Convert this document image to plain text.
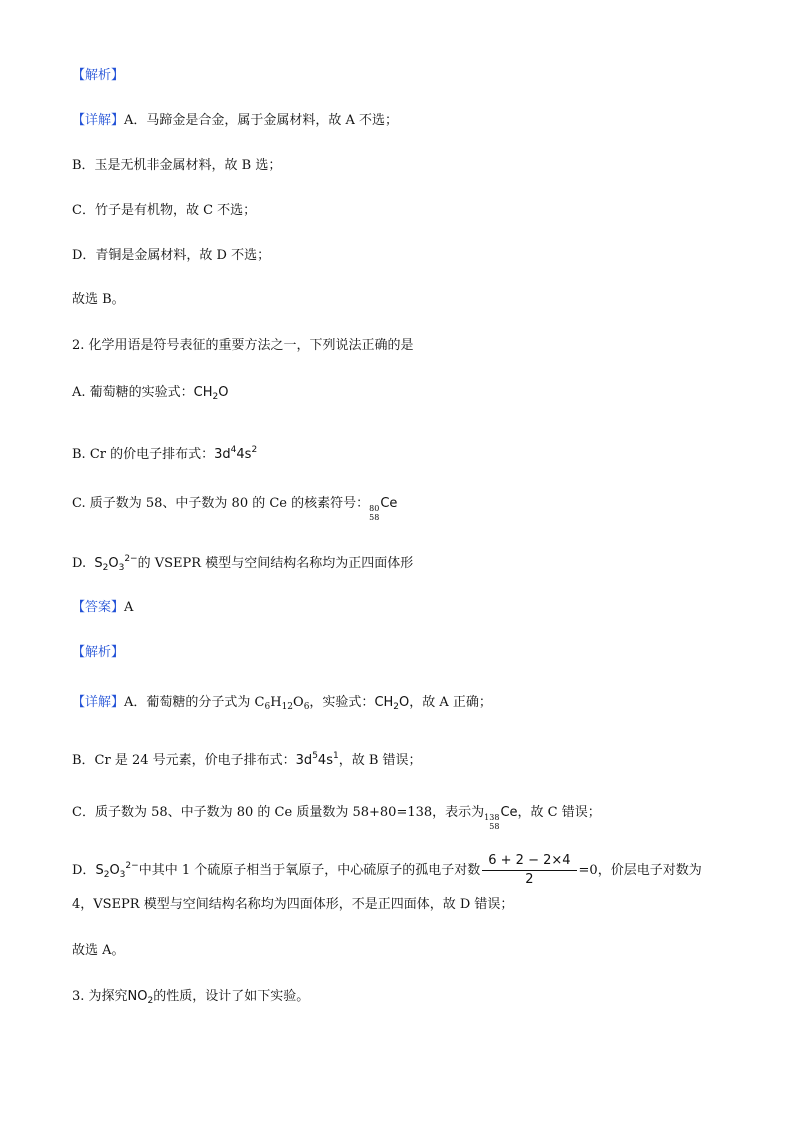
【解析】
【详解】A．马蹄金是合金，属于金属材料，故 A 不选；
B．玉是无机非金属材料，故 B 选；
C．竹子是有机物，故 C 不选；
D．青铜是金属材料，故 D 不选；
故选 B。
2. 化学用语是符号表征的重要方法之一，下列说法正确的是
A. 葡萄糖的实验式：$CH_2O$
B. Cr 的价电子排布式：$3d^44s^2$
C. 质子数为 58、中子数为 80 的 Ce 的核素符号： 80
58
Ce
D. $S_2O_3^{2-}$的 VSEPR 模型与空间结构名称均为正四面体形
【答案】A
【解析】
【详解】A．葡萄糖的分子式为 $C_6H_{12}O_6$，实验式：$CH_2O$，故 A 正确；
B．Cr 是 24 号元素，价电子排布式：$3d^54s^1$，故 B 错误；
C．质子数为 58、中子数为 80 的 Ce 质量数为 58+80=138，表示为 138
58
Ce，故 C 错误；
D．$S_2O_3^{2-}$中其中 1 个硫原子相当于氧原子，中心硫原子的孤电子对数 $\frac{6 + 2 - 2\times 4}{2} =0$，价层电子对数为
4，VSEPR 模型与空间结构名称均为四面体形，不是正四面体，故 D 错误；
故选 A。
3. 为探究$NO_2$的性质，设计了如下实验。
